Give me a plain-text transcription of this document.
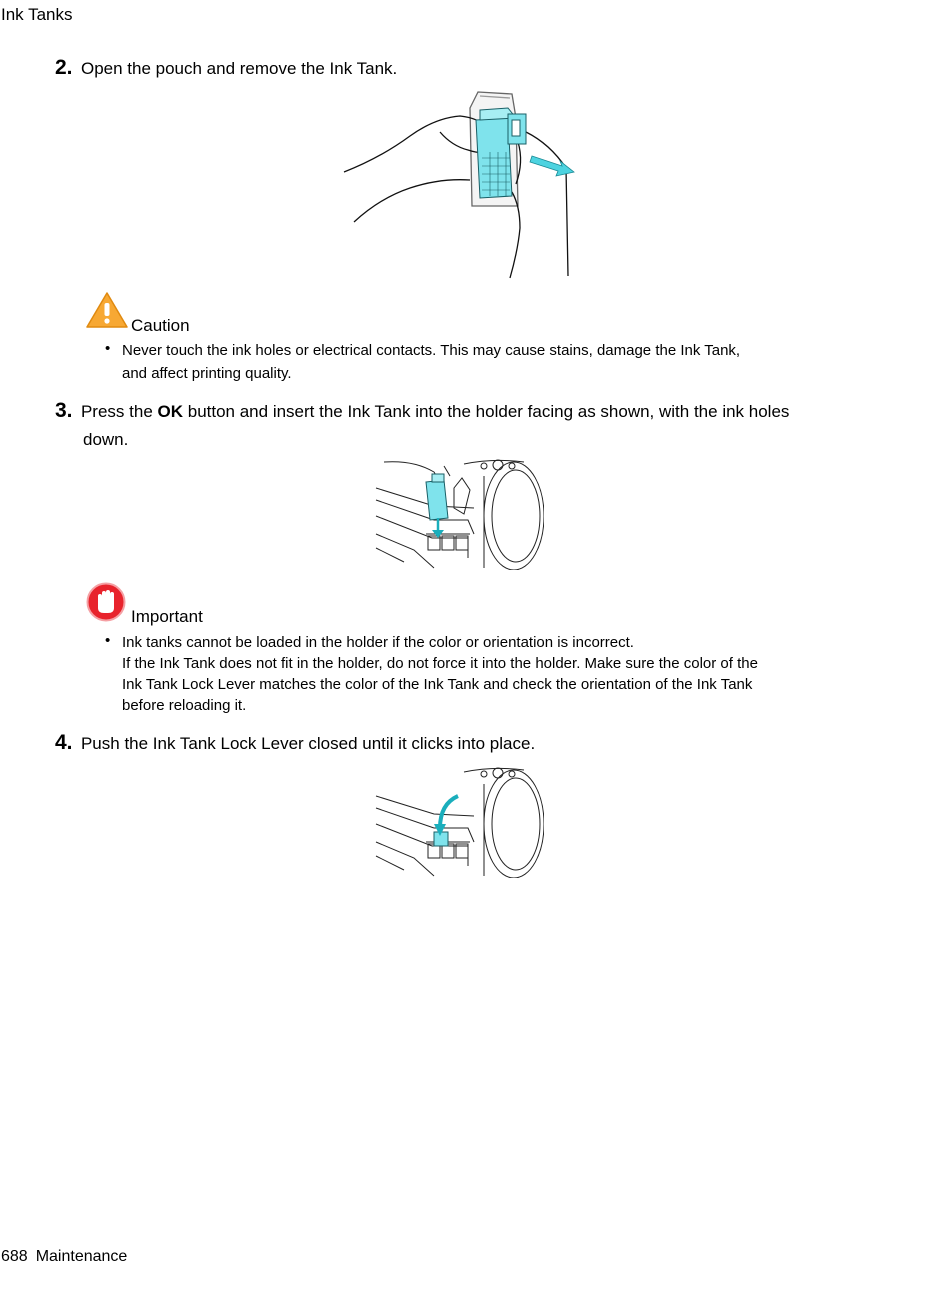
Ink Tanks
2. Open the pouch and remove the Ink Tank.
Caution
• Never touch the ink holes or electrical contacts. This may cause stains, damage the Ink Tank,
and affect printing quality.
3. Press the OK button and insert the Ink Tank into the holder facing as shown, with the ink holes
down.
Important
• Ink tanks cannot be loaded in the holder if the color or orientation is incorrect.
If the Ink Tank does not fit in the holder, do not force it into the holder. Make sure the color of the
Ink Tank Lock Lever matches the color of the Ink Tank and check the orientation of the Ink Tank
before reloading it.
4. Push the Ink Tank Lock Lever closed until it clicks into place.
688 Maintenance
